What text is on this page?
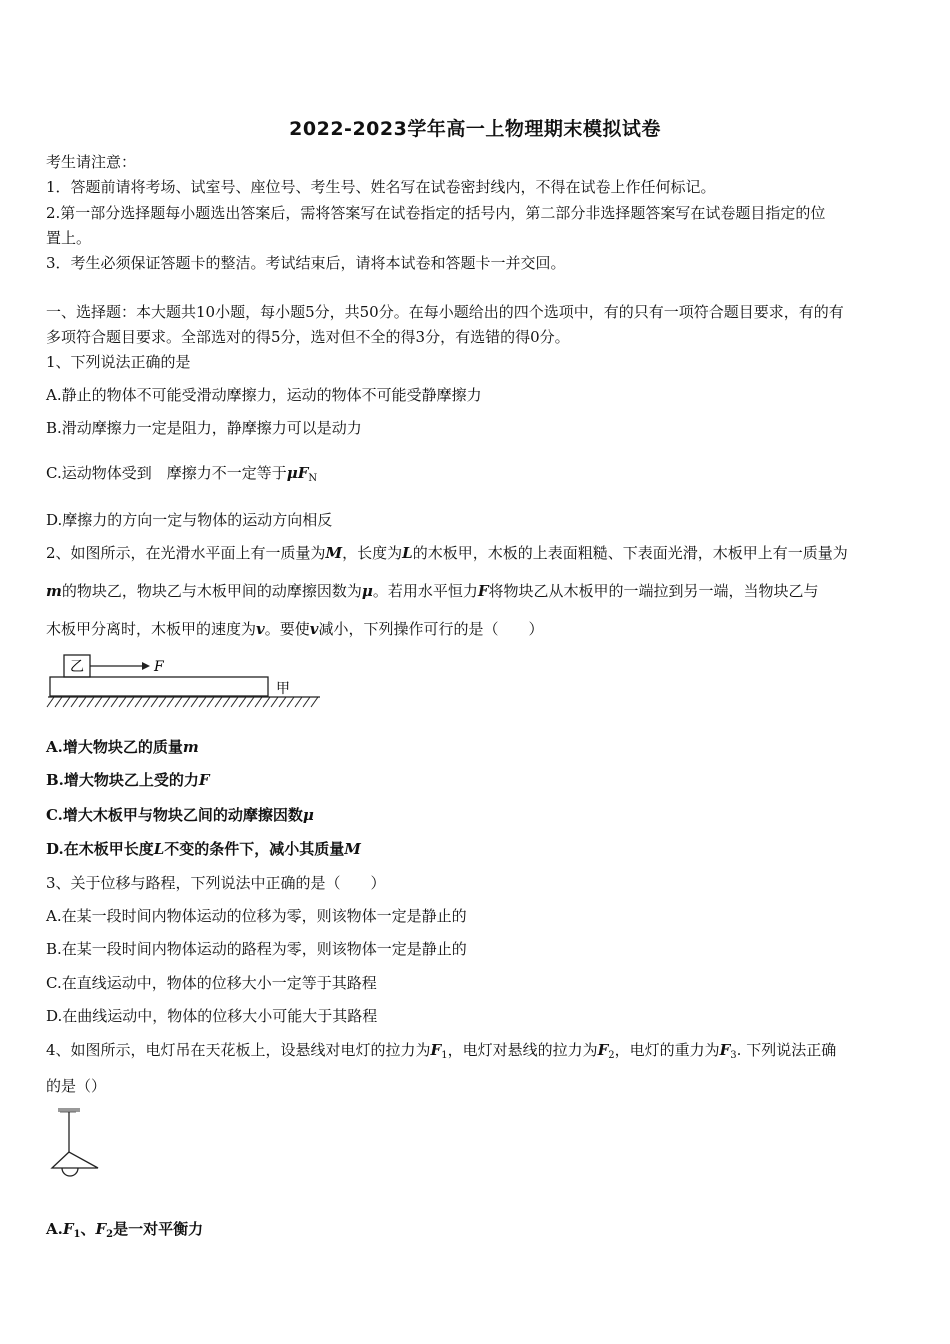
2022-2023学年高一上物理期末模拟试卷
考生请注意：
1．答题前请将考场、试室号、座位号、考生号、姓名写在试卷密封线内，不得在试卷上作任何标记。
2.第一部分选择题每小题选出答案后，需将答案写在试卷指定的括号内，第二部分非选择题答案写在试卷题目指定的位
置上。
3．考生必须保证答题卡的整洁。考试结束后，请将本试卷和答题卡一并交回。
一、选择题：本大题共10小题，每小题5分，共50分。在每小题给出的四个选项中，有的只有一项符合题目要求，有的有
多项符合题目要求。全部选对的得5分，选对但不全的得3分，有选错的得0分。
1、下列说法正确的是
A.静止的物体不可能受滑动摩擦力，运动的物体不可能受静摩擦力
B.滑动摩擦力一定是阻力，静摩擦力可以是动力
C.运动物体受到　摩擦力不一定等于$\mu F_N$
D.摩擦力的方向一定与物体的运动方向相反
2、如图所示，在光滑水平面上有一质量为M，长度为L的木板甲，木板的上表面粗糙、下表面光滑，木板甲上有一质量为
m的物块乙，物块乙与木板甲间的动摩擦因数为μ。若用水平恒力F将物块乙从木板甲的一端拉到另一端，当物块乙与
木板甲分离时，木板甲的速度为v。要使v减小，下列操作可行的是（　　）
乙	F
甲
A.增大物块乙的质量m
B.增大物块乙上受的力F
C.增大木板甲与物块乙间的动摩擦因数μ
D.在木板甲长度L不变的条件下，减小其质量M
3、关于位移与路程，下列说法中正确的是（　　）
A.在某一段时间内物体运动的位移为零，则该物体一定是静止的
B.在某一段时间内物体运动的路程为零，则该物体一定是静止的
C.在直线运动中，物体的位移大小一定等于其路程
D.在曲线运动中，物体的位移大小可能大于其路程
4、如图所示，电灯吊在天花板上，设悬线对电灯的拉力为$F_1$，电灯对悬线的拉力为$F_2$，电灯的重力为$F_3$. 下列说法正确
的是（）
$A.F_1$、$F_2$是一对平衡力
